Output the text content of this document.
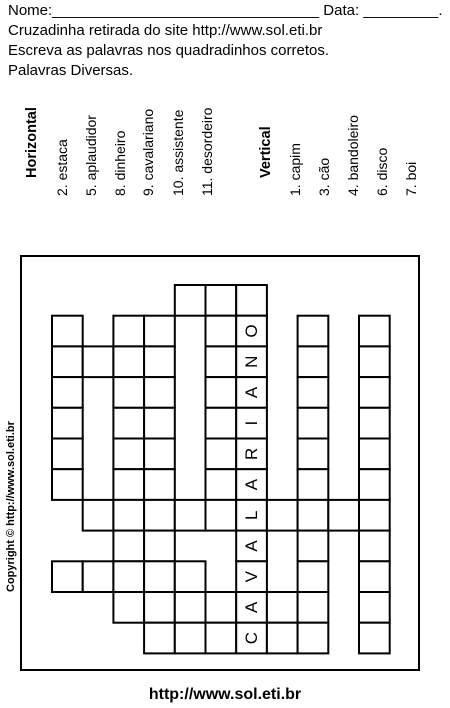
Nome:________________________________ Data: _________.
Cruzadinha retirada do site http://www.sol.eti.br
Escreva as palavras nos quadradinhos corretos.
Palavras Diversas.
Horizontal 2. estaca 5. aplaudidor 8. dinheiro 9. cavalariano 10. assistente 11. desordeiro	Vertical 1. capim 3. cão 4. bandoleiro 6. disco 7. boi
O
N
A
I
R
A
L
A
V
A
C
Copyright © http://www.sol.eti.br
http://www.sol.eti.br
